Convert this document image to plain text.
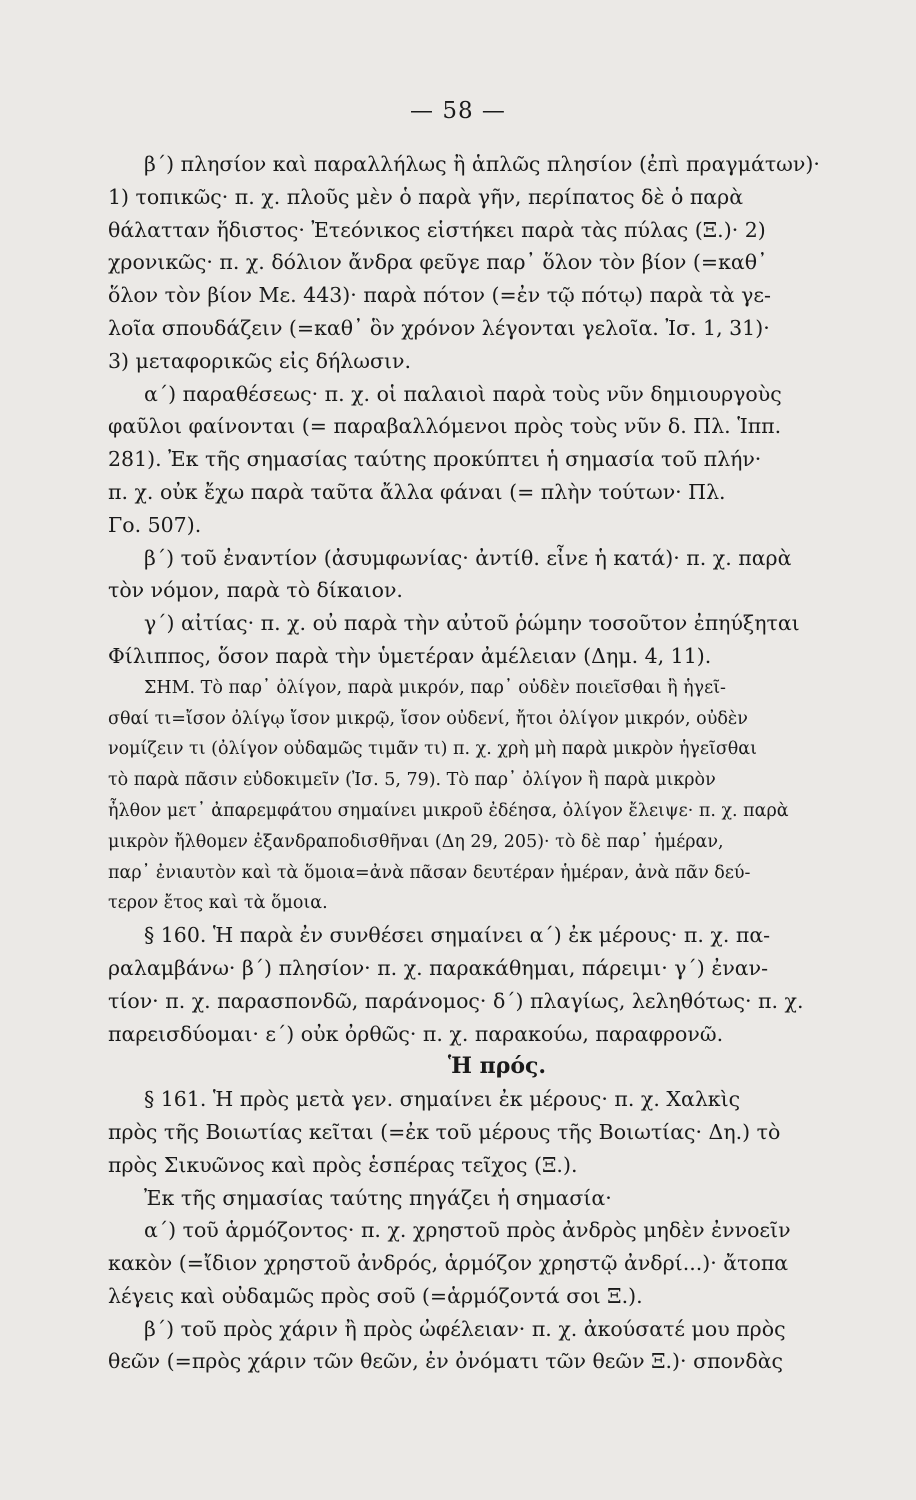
— 58 —
β΄) πλησίον καὶ παραλλήλως ἢ ἁπλῶς πλησίον (ἐπὶ πραγμάτων)·
1) τοπικῶς· π. χ. πλοῦς μὲν ὁ παρὰ γῆν, περίπατος δὲ ὁ παρὰ
θάλατταν ἥδιστος· Ἐτεόνικος εἱστήκει παρὰ τὰς πύλας (Ξ.)· 2)
χρονικῶς· π. χ. δόλιον ἄνδρα φεῦγε παρ᾽ ὅλον τὸν βίον (=καθ᾽
ὅλον τὸν βίον Με. 443)· παρὰ πότον (=ἐν τῷ πότῳ) παρὰ τὰ γε-
λοῖα σπουδάζειν (=καθ᾽ ὃν χρόνον λέγονται γελοῖα. Ἰσ. 1, 31)·
3) μεταφορικῶς εἰς δήλωσιν.
α΄) παραθέσεως· π. χ. οἱ παλαιοὶ παρὰ τοὺς νῦν δημιουργοὺς
φαῦλοι φαίνονται (= παραβαλλόμενοι πρὸς τοὺς νῦν δ. Πλ. Ἱππ.
281). Ἐκ τῆς σημασίας ταύτης προκύπτει ἡ σημασία τοῦ πλήν·
π. χ. οὐκ ἔχω παρὰ ταῦτα ἄλλα φάναι (= πλὴν τούτων· Πλ.
Γο. 507).
β΄) τοῦ ἐναντίον (ἀσυμφωνίας· ἀντίθ. εἶνε ἡ κατά)· π. χ. παρὰ
τὸν νόμον, παρὰ τὸ δίκαιον.
γ΄) αἰτίας· π. χ. οὐ παρὰ τὴν αὐτοῦ ῥώμην τοσοῦτον ἐπηύξηται
Φίλιππος, ὅσον παρὰ τὴν ὑμετέραν ἀμέλειαν (Δημ. 4, 11).
ΣΗΜ. Τὸ παρ᾽ ὀλίγον, παρὰ μικρόν, παρ᾽ οὐδὲν ποιεῖσθαι ἢ ἡγεῖ-
σθαί τι=ἴσον ὀλίγῳ ἴσον μικρῷ, ἴσον οὐδενί, ἤτοι ὀλίγον μικρόν, οὐδὲν
νομίζειν τι (ὀλίγον οὐδαμῶς τιμᾶν τι) π. χ. χρὴ μὴ παρὰ μικρὸν ἡγεῖσθαι
τὸ παρὰ πᾶσιν εὐδοκιμεῖν (Ἰσ. 5, 79). Τὸ παρ᾽ ὀλίγον ἢ παρὰ μικρὸν
ἦλθον μετ᾽ ἀπαρεμφάτου σημαίνει μικροῦ ἐδέησα, ὀλίγον ἔλειψε· π. χ. παρὰ
μικρὸν ἤλθομεν ἐξανδραποδισθῆναι (Δη 29, 205)· τὸ δὲ παρ᾽ ἡμέραν,
παρ᾽ ἐνιαυτὸν καὶ τὰ ὅμοια=ἀνὰ πᾶσαν δευτέραν ἡμέραν, ἀνὰ πᾶν δεύ-
τερον ἔτος καὶ τὰ ὅμοια.
§ 160. Ἡ παρὰ ἐν συνθέσει σημαίνει α΄) ἐκ μέρους· π. χ. πα-
ραλαμβάνω· β΄) πλησίον· π. χ. παρακάθημαι, πάρειμι· γ΄) ἐναν-
τίον· π. χ. παρασπονδῶ, παράνομος· δ΄) πλαγίως, λεληθότως· π. χ.
παρεισδύομαι· ε΄) οὐκ ὀρθῶς· π. χ. παρακούω, παραφρονῶ.
Ἡ πρός.
§ 161. Ἡ πρὸς μετὰ γεν. σημαίνει ἐκ μέρους· π. χ. Χαλκὶς
πρὸς τῆς Βοιωτίας κεῖται (=ἐκ τοῦ μέρους τῆς Βοιωτίας· Δη.) τὸ
πρὸς Σικυῶνος καὶ πρὸς ἑσπέρας τεῖχος (Ξ.).
Ἐκ τῆς σημασίας ταύτης πηγάζει ἡ σημασία·
α΄) τοῦ ἁρμόζοντος· π. χ. χρηστοῦ πρὸς ἀνδρὸς μηδὲν ἐννοεῖν
κακὸν (=ἴδιον χρηστοῦ ἀνδρός, ἁρμόζον χρηστῷ ἀνδρί...)· ἄτοπα
λέγεις καὶ οὐδαμῶς πρὸς σοῦ (=ἁρμόζοντά σοι Ξ.).
β΄) τοῦ πρὸς χάριν ἢ πρὸς ὠφέλειαν· π. χ. ἀκούσατέ μου πρὸς
θεῶν (=πρὸς χάριν τῶν θεῶν, ἐν ὀνόματι τῶν θεῶν Ξ.)· σπονδὰς
